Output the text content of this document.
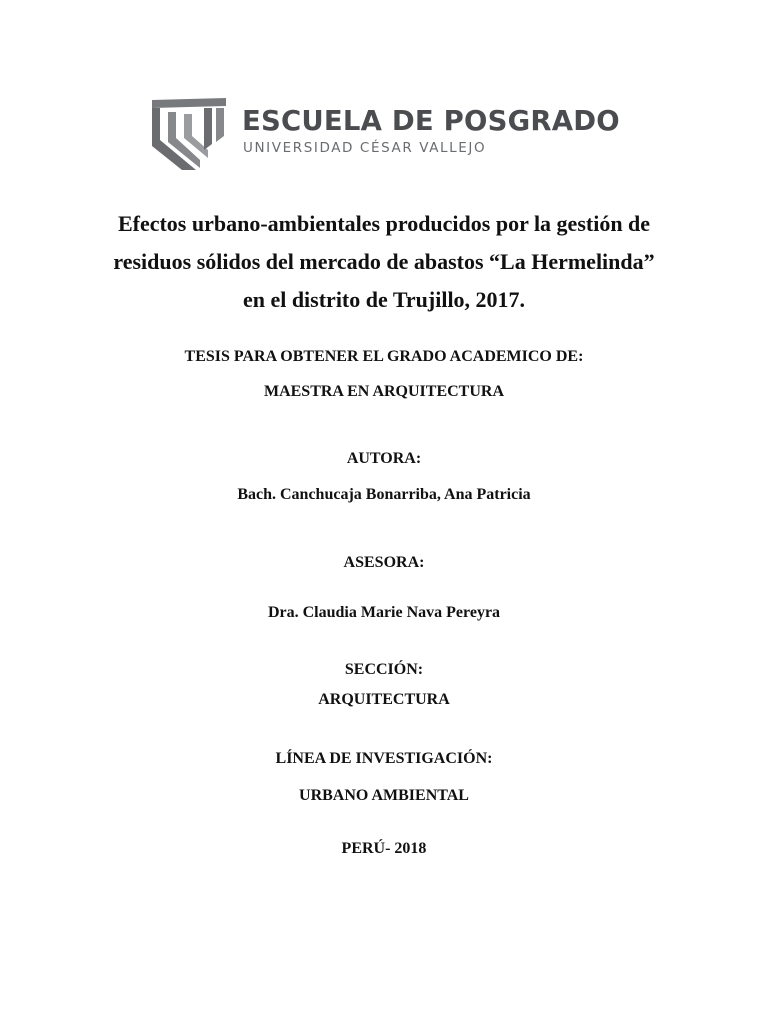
ESCUELA DE POSGRADO
UNIVERSIDAD CÉSAR VALLEJO
Efectos urbano-ambientales producidos por la gestión de
residuos sólidos del mercado de abastos “La Hermelinda”
en el distrito de Trujillo, 2017.
TESIS PARA OBTENER EL GRADO ACADEMICO DE:
MAESTRA EN ARQUITECTURA
AUTORA:
Bach. Canchucaja Bonarriba, Ana Patricia
ASESORA:
Dra. Claudia Marie Nava Pereyra
SECCIÓN:
ARQUITECTURA
LÍNEA DE INVESTIGACIÓN:
URBANO AMBIENTAL
PERÚ- 2018
